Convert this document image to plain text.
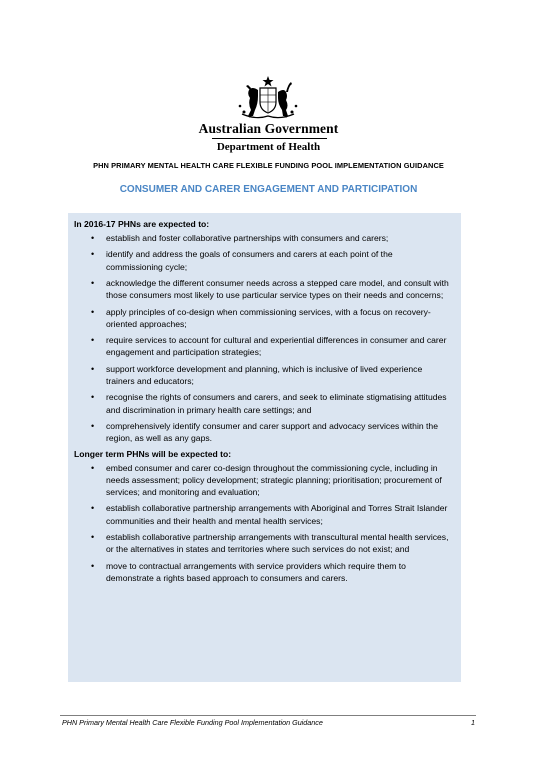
Australian Government
Department of Health
PHN PRIMARY MENTAL HEALTH CARE FLEXIBLE FUNDING POOL IMPLEMENTATION GUIDANCE
CONSUMER AND CARER ENGAGEMENT AND PARTICIPATION
In 2016-17 PHNs are expected to:
• establish and foster collaborative partnerships with consumers and carers;
• identify and address the goals of consumers and carers at each point of the commissioning cycle;
• acknowledge the different consumer needs across a stepped care model, and consult with those consumers most likely to use particular service types on their needs and concerns;
• apply principles of co-design when commissioning services, with a focus on recovery-oriented approaches;
• require services to account for cultural and experiential differences in consumer and carer engagement and participation strategies;
• support workforce development and planning, which is inclusive of lived experience trainers and educators;
• recognise the rights of consumers and carers, and seek to eliminate stigmatising attitudes and discrimination in primary health care settings; and
• comprehensively identify consumer and carer support and advocacy services within the region, as well as any gaps.
Longer term PHNs will be expected to:
• embed consumer and carer co-design throughout the commissioning cycle, including in needs assessment; policy development; strategic planning; prioritisation; procurement of services; and monitoring and evaluation;
• establish collaborative partnership arrangements with Aboriginal and Torres Strait Islander communities and their health and mental health services;
• establish collaborative partnership arrangements with transcultural mental health services, or the alternatives in states and territories where such services do not exist; and
• move to contractual arrangements with service providers which require them to demonstrate a rights based approach to consumers and carers.
PHN Primary Mental Health Care Flexible Funding Pool Implementation Guidance	1
